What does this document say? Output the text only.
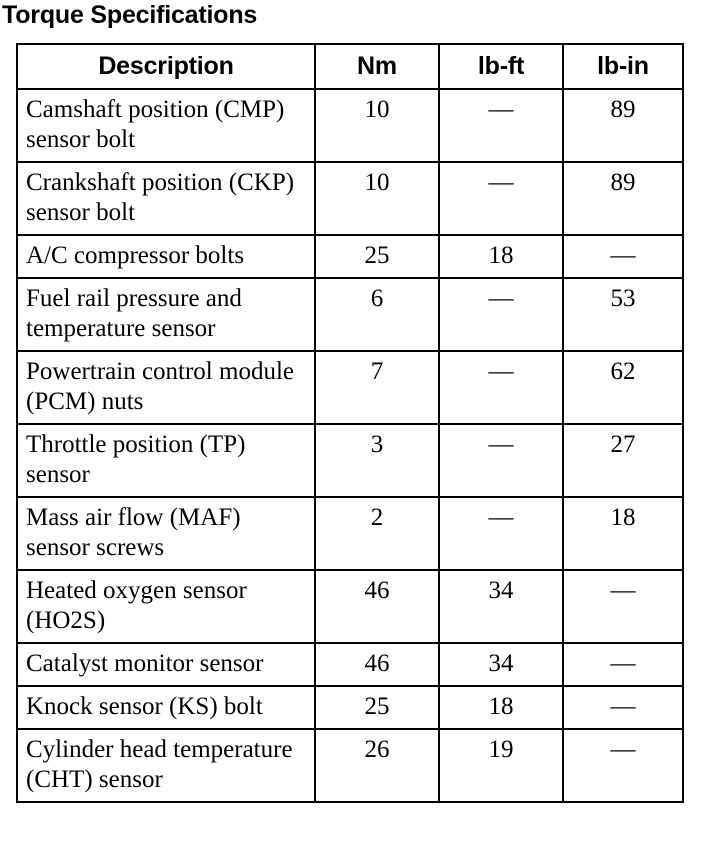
Torque Specifications
Description	Nm	lb-ft	lb-in
Camshaft position (CMP) sensor bolt	10	—	89
Crankshaft position (CKP) sensor bolt	10	—	89
A/C compressor bolts	25	18	—
Fuel rail pressure and temperature sensor	6	—	53
Powertrain control module (PCM) nuts	7	—	62
Throttle position (TP) sensor	3	—	27
Mass air flow (MAF) sensor screws	2	—	18
Heated oxygen sensor (HO2S)	46	34	—
Catalyst monitor sensor	46	34	—
Knock sensor (KS) bolt	25	18	—
Cylinder head temperature (CHT) sensor	26	19	—
